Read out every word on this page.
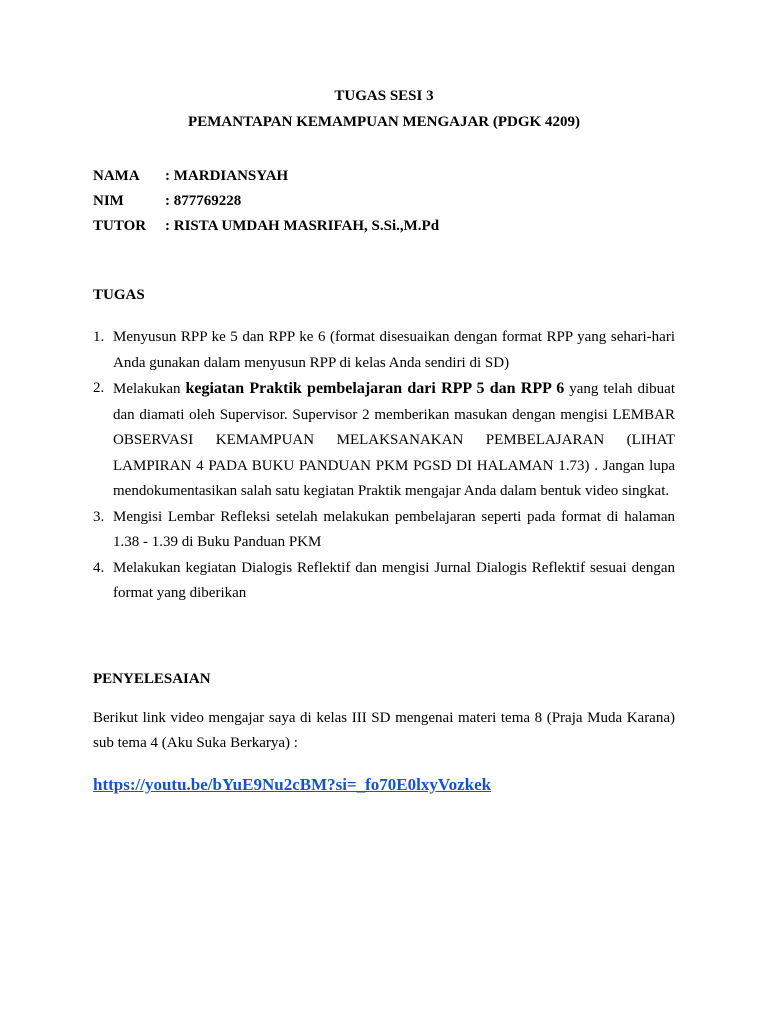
TUGAS SESI 3
PEMANTAPAN KEMAMPUAN MENGAJAR (PDGK 4209)
NAMA	: MARDIANSYAH
NIM	: 877769228
TUTOR	: RISTA UMDAH MASRIFAH, S.Si.,M.Pd
TUGAS
1. Menyusun RPP ke 5 dan RPP ke 6 (format disesuaikan dengan format RPP yang sehari-hari Anda gunakan dalam menyusun RPP di kelas Anda sendiri di SD)
2. Melakukan kegiatan Praktik pembelajaran dari RPP 5 dan RPP 6 yang telah dibuat dan diamati oleh Supervisor. Supervisor 2 memberikan masukan dengan mengisi LEMBAR OBSERVASI KEMAMPUAN MELAKSANAKAN PEMBELAJARAN (LIHAT LAMPIRAN 4 PADA BUKU PANDUAN PKM PGSD DI HALAMAN 1.73) . Jangan lupa mendokumentasikan salah satu kegiatan Praktik mengajar Anda dalam bentuk video singkat.
3. Mengisi Lembar Refleksi setelah melakukan pembelajaran seperti pada format di halaman 1.38 - 1.39 di Buku Panduan PKM
4. Melakukan kegiatan Dialogis Reflektif dan mengisi Jurnal Dialogis Reflektif sesuai dengan format yang diberikan
PENYELESAIAN
Berikut link video mengajar saya di kelas III SD mengenai materi tema 8 (Praja Muda Karana) sub tema 4 (Aku Suka Berkarya) :
https://youtu.be/bYuE9Nu2cBM?si=_fo70E0lxyVozkek
